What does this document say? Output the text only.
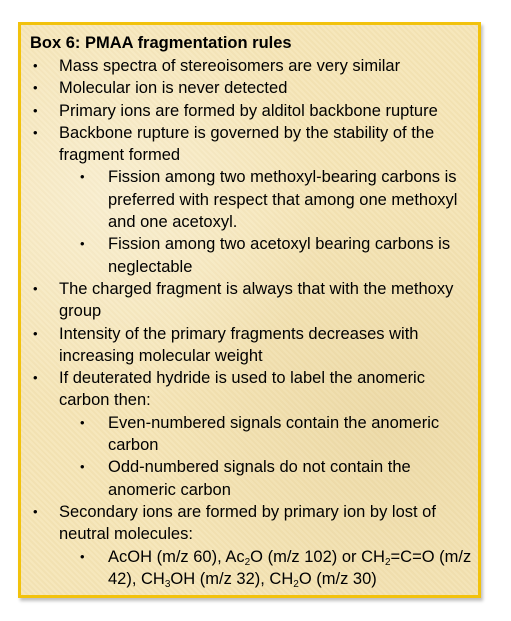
Box 6: PMAA fragmentation rules
• Mass spectra of stereoisomers are very similar
• Molecular ion is never detected
• Primary ions are formed by alditol backbone rupture
• Backbone rupture is governed by the stability of the fragment formed
• Fission among two methoxyl-bearing carbons is preferred with respect that among one methoxyl and one acetoxyl.
• Fission among two acetoxyl bearing carbons is neglectable
• The charged fragment is always that with the methoxy group
• Intensity of the primary fragments decreases with increasing molecular weight
• If deuterated hydride is used to label the anomeric carbon then:
• Even-numbered signals contain the anomeric carbon
• Odd-numbered signals do not contain the anomeric carbon
• Secondary ions are formed by primary ion by lost of neutral molecules:
• AcOH (m/z 60), $Ac_2O$ (m/z 102) or $CH_2=C=O$ (m/z 42), $CH_3OH$ (m/z 32), $CH_2O$ (m/z 30)
